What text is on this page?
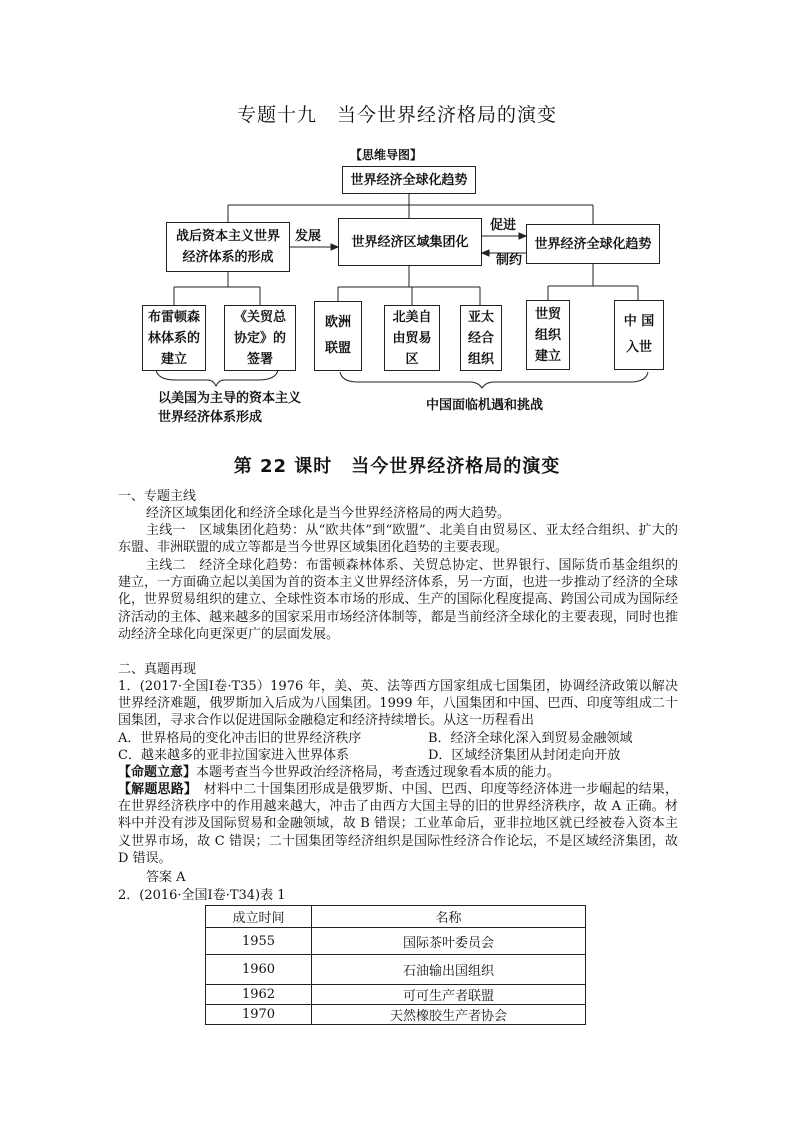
专题十九　当今世界经济格局的演变
【思维导图】
世界经济全球化趋势
战后资本主义世界
经济体系的形成
发展	世界经济区域集团化
促进
制约
世界经济全球化趋势
布雷顿森
林体系的
建立
《关贸总
协定》的
签署
欧洲
联盟
北美自
由贸易
区
亚太
经合
组织
世贸
组织
建立
中 国
入世
以美国为主导的资本主义
世界经济体系形成
中国面临机遇和挑战
第 22 课时　当今世界经济格局的演变
一、专题主线
经济区域集团化和经济全球化是当今世界经济格局的两大趋势。
主线一　区域集团化趋势：从“欧共体”到“欧盟”、北美自由贸易区、亚太经合组织、扩大的东盟、非洲联盟的成立等都是当今世界区域集团化趋势的主要表现。
主线二　经济全球化趋势：布雷顿森林体系、关贸总协定、世界银行、国际货币基金组织的建立，一方面确立起以美国为首的资本主义世界经济体系，另一方面，也进一步推动了经济的全球化，世界贸易组织的建立、全球性资本市场的形成、生产的国际化程度提高、跨国公司成为国际经济活动的主体、越来越多的国家采用市场经济体制等，都是当前经济全球化的主要表现，同时也推动经济全球化向更深更广的层面发展。
二、真题再现
1．(2017·全国Ⅰ卷·T35）1976 年，美、英、法等西方国家组成七国集团，协调经济政策以解决世界经济难题，俄罗斯加入后成为八国集团。1999 年，八国集团和中国、巴西、印度等组成二十国集团，寻求合作以促进国际金融稳定和经济持续增长。从这一历程看出
A．世界格局的变化冲击旧的世界经济秩序	B．经济全球化深入到贸易金融领域
C．越来越多的亚非拉国家进入世界体系	D．区域经济集团从封闭走向开放
【命题立意】本题考查当今世界政治经济格局，考查透过现象看本质的能力。
【解题思路】　 材料中二十国集团形成是俄罗斯、中国、巴西、印度等经济体进一步崛起的结果，在世界经济秩序中的作用越来越大，冲击了由西方大国主导的旧的世界经济秩序，故 A 正确。材料中并没有涉及国际贸易和金融领域，故 B 错误；工业革命后，亚非拉地区就已经被卷入资本主义世界市场，故 C 错误；二十国集团等经济组织是国际性经济合作论坛，不是区域经济集团，故 D 错误。
答案 A
2．(2016·全国Ⅰ卷·T34)表 1
成立时间	名称
1955	国际茶叶委员会
1960	石油输出国组织
1962	可可生产者联盟
1970	天然橡胶生产者协会
